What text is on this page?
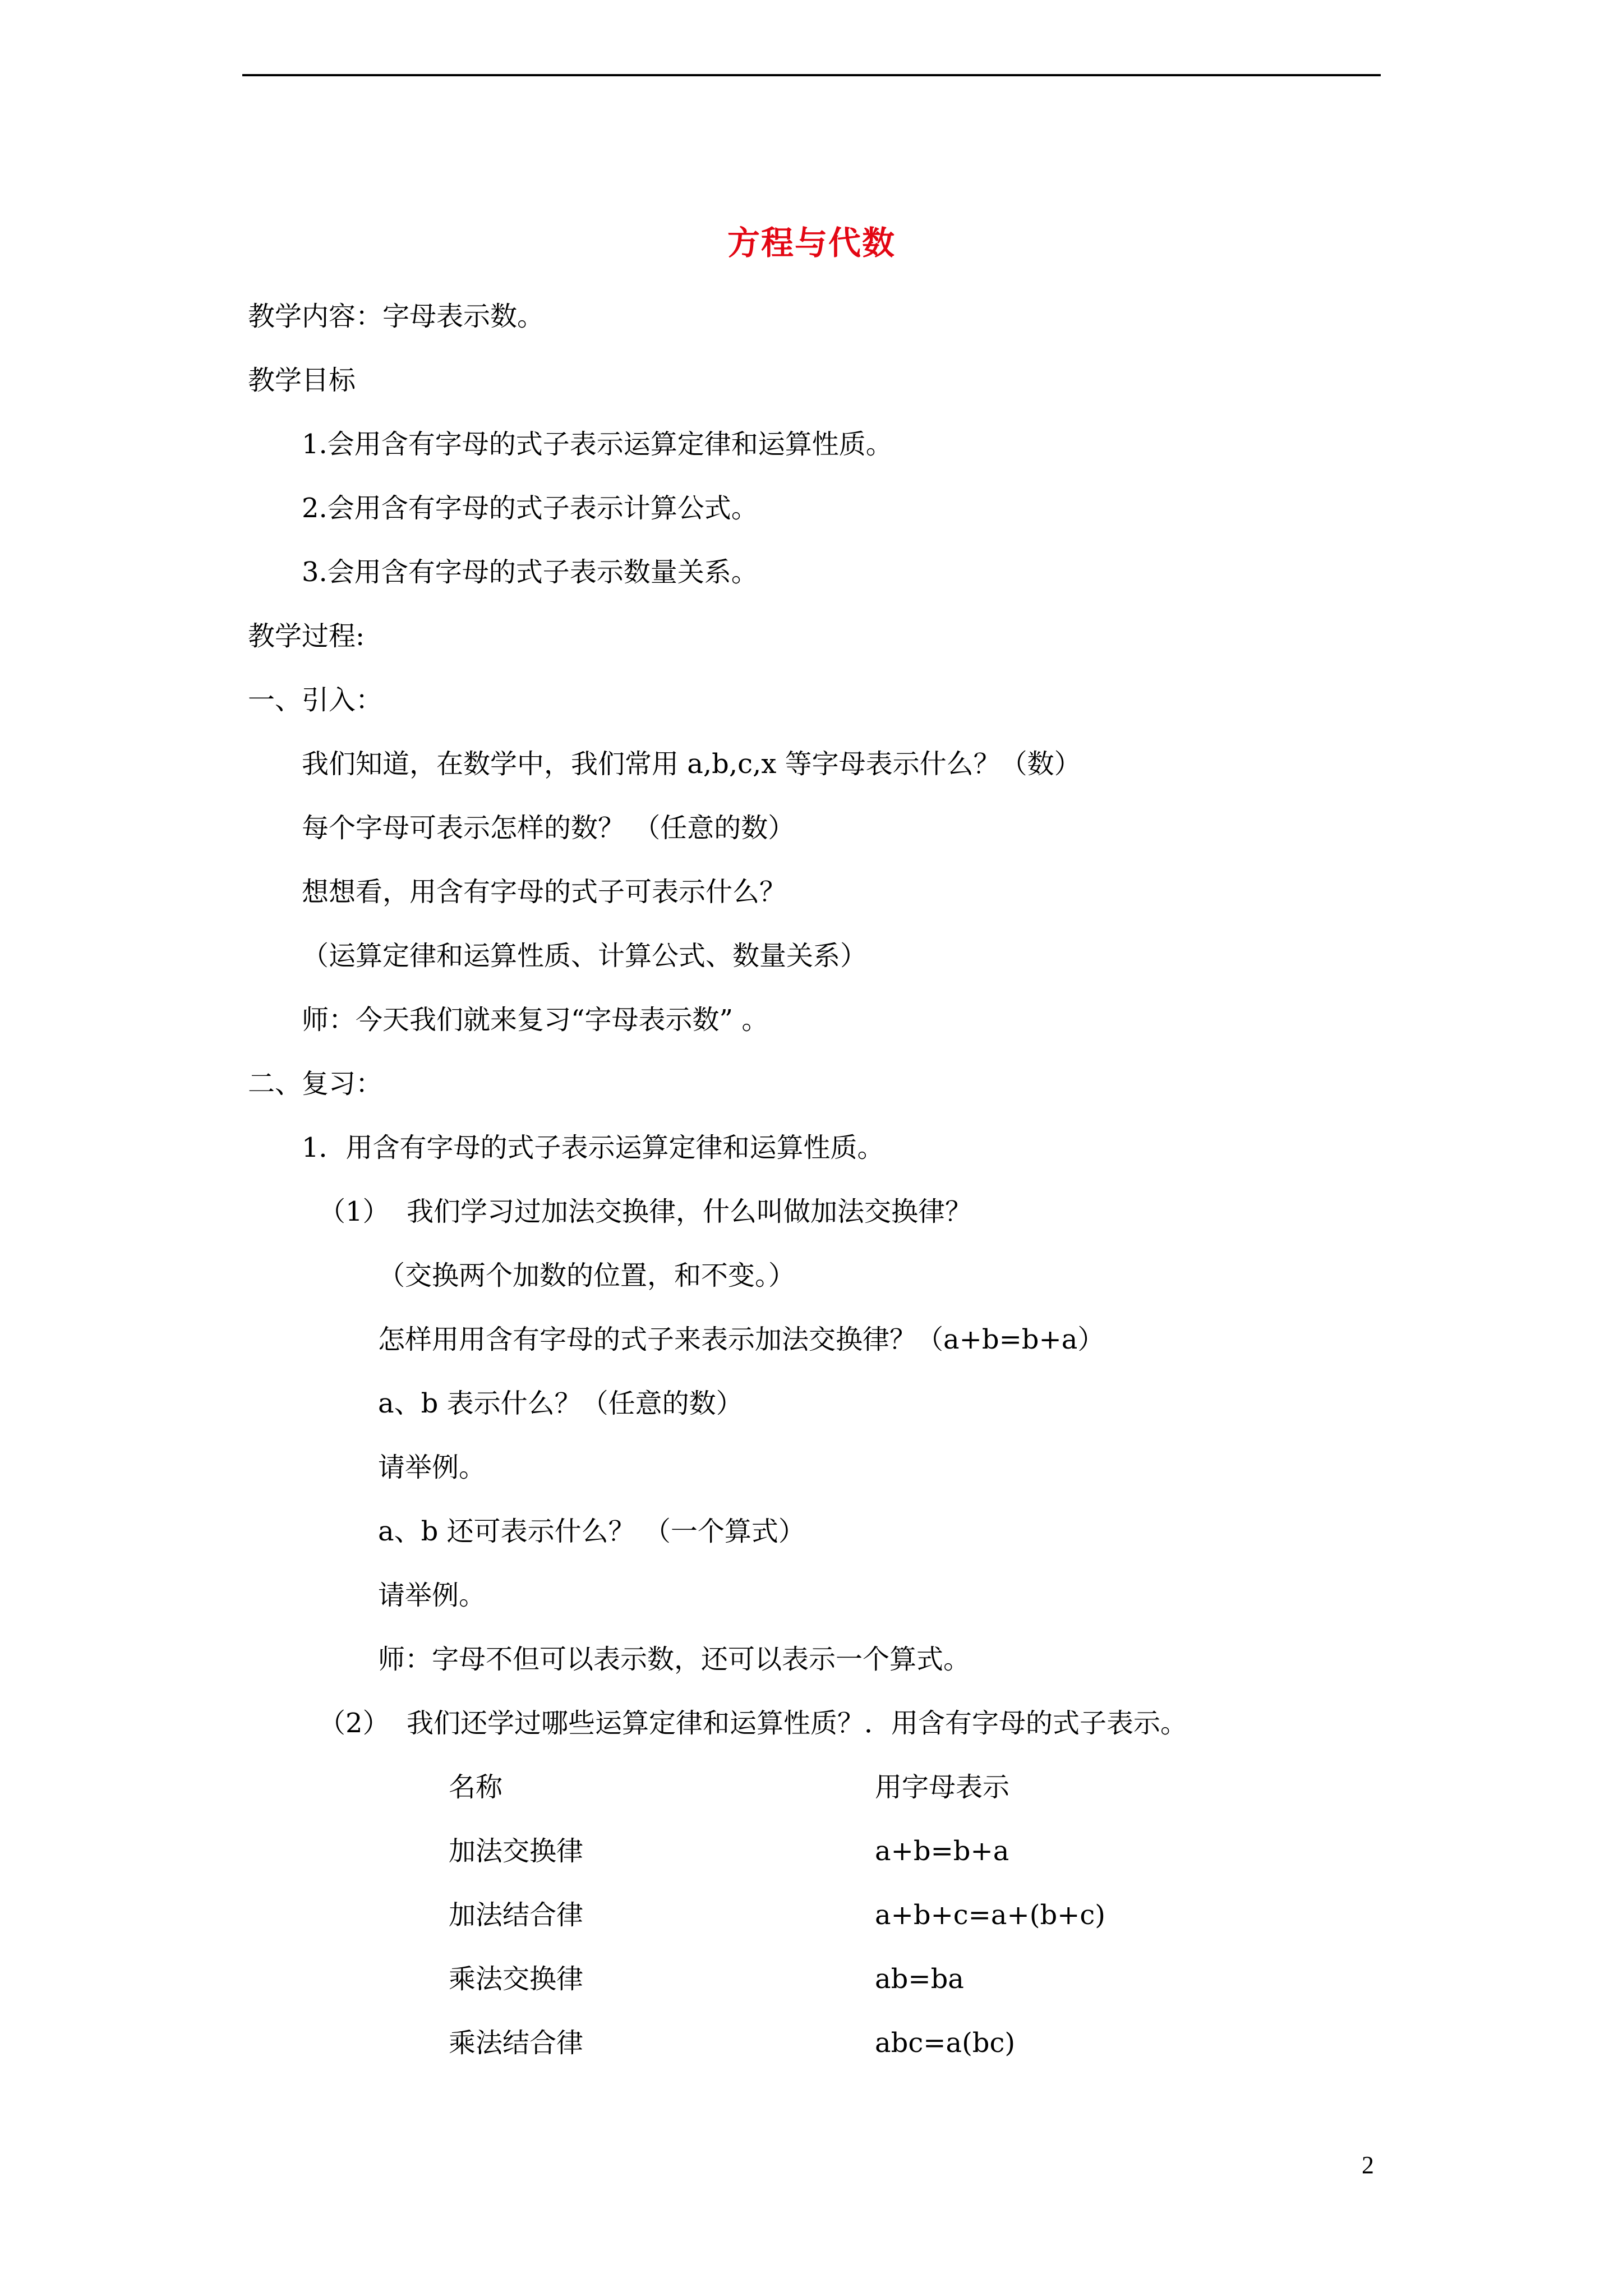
方程与代数
教学内容：字母表示数。
教学目标
1.会用含有字母的式子表示运算定律和运算性质。
2.会用含有字母的式子表示计算公式。
3.会用含有字母的式子表示数量关系。
教学过程:
一、引入：
我们知道，在数学中，我们常用 a,b,c,x 等字母表示什么？（数）
每个字母可表示怎样的数？ （任意的数）
想想看，用含有字母的式子可表示什么？
（运算定律和运算性质、计算公式、数量关系）
师：今天我们就来复习“字母表示数” 。
二、复习：
1．用含有字母的式子表示运算定律和运算性质。
（1）  我们学习过加法交换律，什么叫做加法交换律？
（交换两个加数的位置，和不变。）
怎样用用含有字母的式子来表示加法交换律？（a+b=b+a）
a、b 表示什么？（任意的数）
请举例。
a、b 还可表示什么？ （一个算式）
请举例。
师：字母不但可以表示数，还可以表示一个算式。
（2）  我们还学过哪些运算定律和运算性质？．用含有字母的式子表示。
名称	用字母表示
加法交换律	a+b=b+a
加法结合律	a+b+c=a+(b+c)
乘法交换律	ab=ba
乘法结合律	abc=a(bc)
2
